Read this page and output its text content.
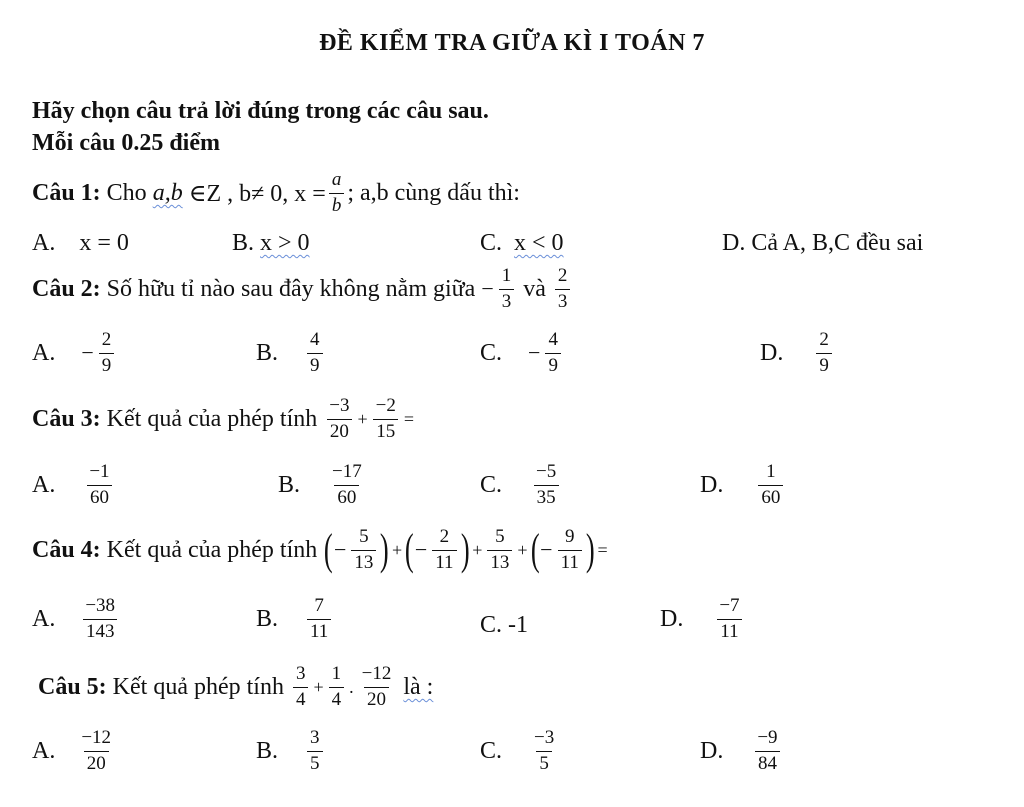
ĐỀ KIỂM TRA GIỮA KÌ I TOÁN 7
Hãy chọn câu trả lời đúng trong các câu sau.
Mỗi câu 0.25 điểm
Câu 1:
Cho
a,b
∈Z , b≠ 0, $x = \frac{a}{b}$ ; a,b cùng dấu thì:
A. x = 0	B.
x > 0	C.
x < 0	D. Cả A, B,C đều sai
Câu 2:
Số hữu tỉ nào sau đây không nằm giữa
− $\frac{1}{3}$
và
$\frac{2}{3}$
A. − $\frac{2}{9}$	B. $\frac{4}{9}$	C. − $\frac{4}{9}$	D. $\frac{2}{9}$
Câu 3:
Kết quả của phép tính
$\frac{-3}{20} + \frac{-2}{15}$ =
A. $\frac{-1}{60}$	B. $\frac{-17}{60}$	C. $\frac{-5}{35}$	D. $\frac{1}{60}$
Câu 4:
Kết quả của phép tính
( − $\frac{5}{13}$ ) + ( − $\frac{2}{11}$ ) + $\frac{5}{13}$ + ( − $\frac{9}{11}$ ) =
A. $\frac{-38}{143}$	B. $\frac{7}{11}$	C. -1	D. $\frac{-7}{11}$
Câu 5:
Kết quả phép tính
$\frac{3}{4} + \frac{1}{4}$ . $\frac{-12}{20}$
là :
A. $\frac{-12}{20}$	B. $\frac{3}{5}$	C. $\frac{-3}{5}$	D. $\frac{-9}{84}$
